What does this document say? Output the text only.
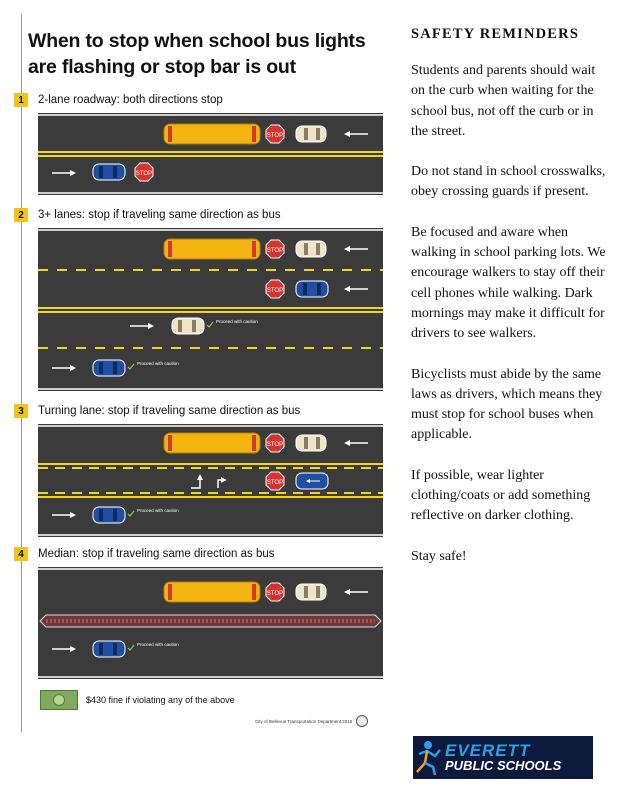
When to stop when school bus lights are flashing or stop bar is out
1	2-lane roadway: both directions stop
STOP
STOP
2	3+ lanes: stop if traveling same direction as bus
STOP
STOP
Proceed with caution
Proceed with caution
3	Turning lane: stop if traveling same direction as bus
STOP
STOP
Proceed with caution
4	Median: stop if traveling same direction as bus
STOP
Proceed with caution
$430 fine if violating any of the above
City of Bellevue Transportation Department 2015
SAFETY REMINDERS

Students and parents should wait on the curb when waiting for the school bus, not off the curb or in the street.

Do not stand in school crosswalks, obey crossing guards if present.

Be focused and aware when walking in school parking lots. We encourage walkers to stay off their cell phones while walking. Dark mornings may make it difficult for drivers to see walkers.

Bicyclists must abide by the same laws as drivers, which means they must stop for school buses when applicable.

If possible, wear lighter clothing/coats or add something reflective on darker clothing.

Stay safe!

EVERETT
PUBLIC SCHOOLS
